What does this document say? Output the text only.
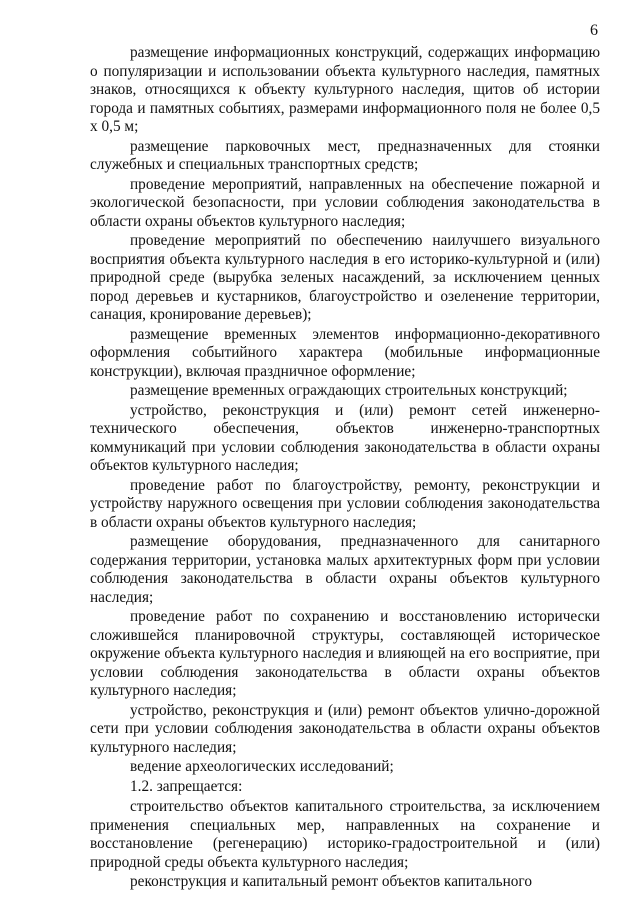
6

размещение информационных конструкций, содержащих информацию о популяризации и использовании объекта культурного наследия, памятных знаков, относящихся к объекту культурного наследия, щитов об истории города и памятных событиях, размерами информационного поля не более 0,5 х 0,5 м;

размещение парковочных мест, предназначенных для стоянки служебных и специальных транспортных средств;

проведение мероприятий, направленных на обеспечение пожарной и экологической безопасности, при условии соблюдения законодательства в области охраны объектов культурного наследия;

проведение мероприятий по обеспечению наилучшего визуального восприятия объекта культурного наследия в его историко-культурной и (или) природной среде (вырубка зеленых насаждений, за исключением ценных пород деревьев и кустарников, благоустройство и озеленение территории, санация, кронирование деревьев);

размещение временных элементов информационно-декоративного оформления событийного характера (мобильные информационные конструкции), включая праздничное оформление;

размещение временных ограждающих строительных конструкций;

устройство, реконструкция и (или) ремонт сетей инженерно-технического обеспечения, объектов инженерно-транспортных коммуникаций при условии соблюдения законодательства в области охраны объектов культурного наследия;

проведение работ по благоустройству, ремонту, реконструкции и устройству наружного освещения при условии соблюдения законодательства в области охраны объектов культурного наследия;

размещение оборудования, предназначенного для санитарного содержания территории, установка малых архитектурных форм при условии соблюдения законодательства в области охраны объектов культурного наследия;

проведение работ по сохранению и восстановлению исторически сложившейся планировочной структуры, составляющей историческое окружение объекта культурного наследия и влияющей на его восприятие, при условии соблюдения законодательства в области охраны объектов культурного наследия;

устройство, реконструкция и (или) ремонт объектов улично-дорожной сети при условии соблюдения законодательства в области охраны объектов культурного наследия;

ведение археологических исследований;

1.2. запрещается:

строительство объектов капитального строительства, за исключением применения специальных мер, направленных на сохранение и восстановление (регенерацию) историко-градостроительной и (или) природной среды объекта культурного наследия;

реконструкция и капитальный ремонт объектов капитального
